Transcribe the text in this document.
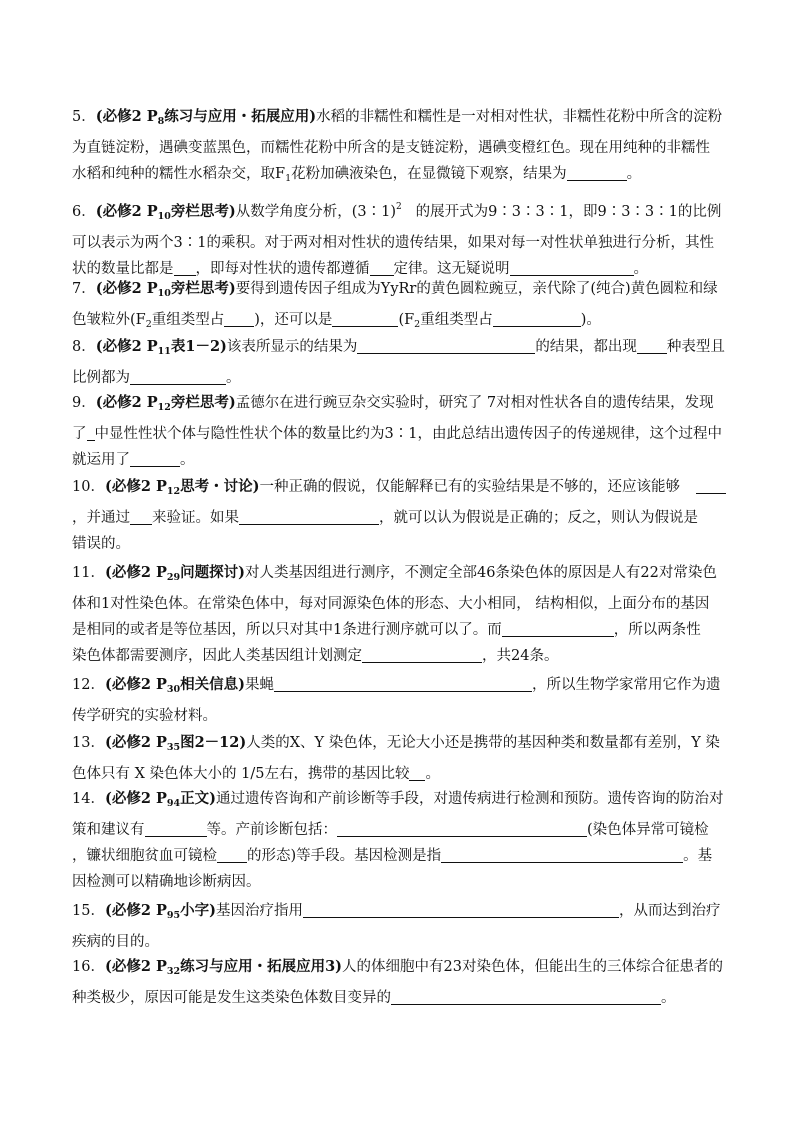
5．(必修2 $P_8$练习与应用・拓展应用)水稻的非糯性和糯性是一对相对性状，非糯性花粉中所含的淀粉
为直链淀粉，遇碘变蓝黑色，而糯性花粉中所含的是支链淀粉，遇碘变橙红色。现在用纯种的非糯性
水稻和纯种的糯性水稻杂交，取$F_1$花粉加碘液染色，在显微镜下观察，结果为	。
6．(必修2 $P_{10}$旁栏思考)从数学角度分析，(3∶1)$^2$ 的展开式为9∶3∶3∶1，即9∶3∶3∶1的比例
可以表示为两个3∶1的乘积。对于两对相对性状的遗传结果，如果对每一对性状单独进行分析，其性
状的数量比都是 ，即每对性状的遗传都遵循 定律。这无疑说明	。
7．(必修2 $P_{10}$旁栏思考)要得到遗传因子组成为YyRr的黄色圆粒豌豆，亲代除了(纯合)黄色圆粒和绿
色皱粒外($F_2$重组类型占 )，还可以是	($F_2$重组类型占	)。
8．(必修2 $P_{11}$表1－2)该表所显示的结果为	的结果，都出现 种表型且
比例都为	。
9．(必修2 $P_{12}$旁栏思考)孟德尔在进行豌豆杂交实验时，研究了 7对相对性状各自的遗传结果，发现
了 中显性性状个体与隐性性状个体的数量比约为3∶1，由此总结出遗传因子的传递规律，这个过程中
就运用了	。
10．(必修2 $P_{12}$思考・讨论)一种正确的假说，仅能解释已有的实验结果是不够的，还应该能够
，并通过 来验证。如果	，就可以认为假说是正确的；反之，则认为假说是
错误的。
11．(必修2 $P_{29}$问题探讨)对人类基因组进行测序，不测定全部46条染色体的原因是人有22对常染色
体和1对性染色体。在常染色体中，每对同源染色体的形态、大小相同， 结构相似，上面分布的基因
是相同的或者是等位基因，所以只对其中1条进行测序就可以了。而	，所以两条性
染色体都需要测序，因此人类基因组计划测定	，共24条。
12．(必修2 $P_{30}$相关信息)果蝇	，所以生物学家常用它作为遗
传学研究的实验材料。
13．(必修2 $P_{35}$图2－12)人类的X、Y 染色体，无论大小还是携带的基因种类和数量都有差别，Y 染
色体只有 X 染色体大小的 1/5左右，携带的基因比较 。
14．(必修2 $P_{94}$正文)通过遗传咨询和产前诊断等手段，对遗传病进行检测和预防。遗传咨询的防治对
策和建议有	等。产前诊断包括：	(染色体异常可镜检
，镰状细胞贫血可镜检 的形态)等手段。基因检测是指	。基
因检测可以精确地诊断病因。
15．(必修2 $P_{95}$小字)基因治疗指用	，从而达到治疗
疾病的目的。
16．(必修2 $P_{32}$练习与应用・拓展应用3)人的体细胞中有23对染色体，但能出生的三体综合征患者的
种类极少，原因可能是发生这类染色体数目变异的	。
